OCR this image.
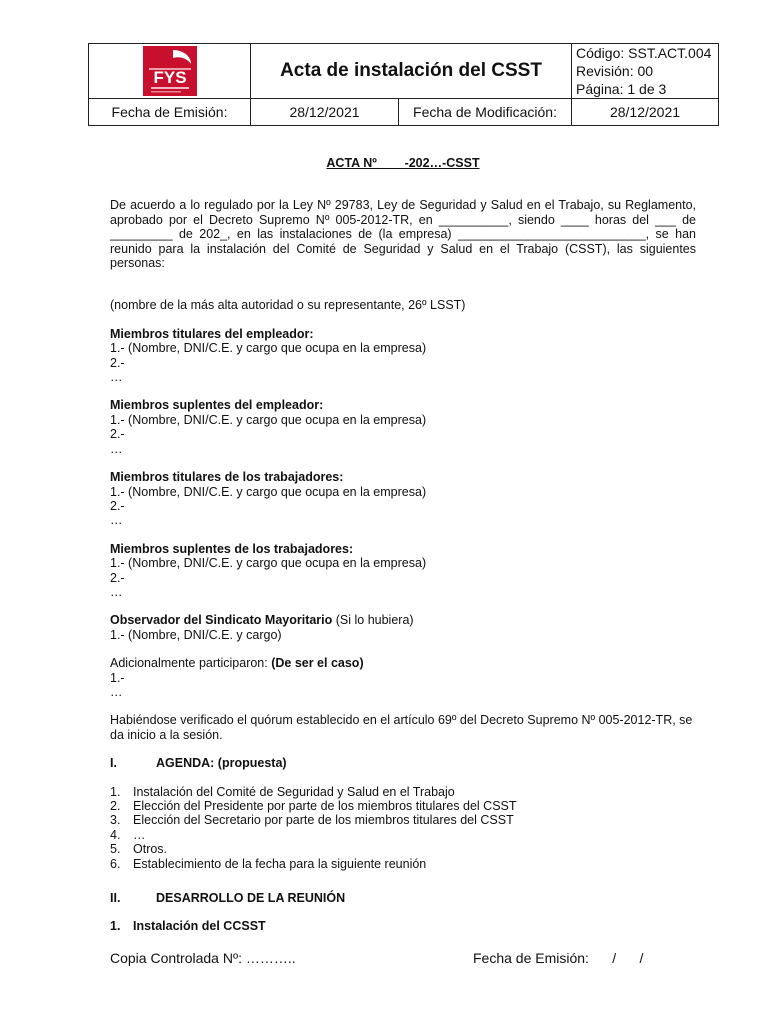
FYS	Acta de instalación del CSST		Código: SST.ACT.004
Revisión: 00
Página: 1 de 3

Fecha de Emisión:	28/12/2021	Fecha de Modificación:	28/12/2021

ACTA Nº        -202…-CSST

De acuerdo a lo regulado por la Ley Nº 29783, Ley de Seguridad y Salud en el Trabajo, su Reglamento, aprobado por el Decreto Supremo Nº 005-2012-TR, en __________, siendo ____ horas del ___ de _________ de 202_, en las instalaciones de (la empresa) ___________________________, se han reunido para la instalación del Comité de Seguridad y Salud en el Trabajo (CSST), las siguientes personas:

(nombre de la más alta autoridad o su representante, 26º LSST)

Miembros titulares del empleador:

1.- (Nombre, DNI/C.E. y cargo que ocupa en la empresa)

2.-

…

Miembros suplentes del empleador:

1.- (Nombre, DNI/C.E. y cargo que ocupa en la empresa)

2.-

…

Miembros titulares de los trabajadores:

1.- (Nombre, DNI/C.E. y cargo que ocupa en la empresa)

2.-

…

Miembros suplentes de los trabajadores:

1.- (Nombre, DNI/C.E. y cargo que ocupa en la empresa)

2.-

…

Observador del Sindicato Mayoritario (Si lo hubiera)

1.- (Nombre, DNI/C.E. y cargo)

Adicionalmente participaron: (De ser el caso)

1.-

…

Habiéndose verificado el quórum establecido en el artículo 69º del Decreto Supremo Nº 005-2012-TR, se da inicio a la sesión.

I.	AGENDA: (propuesta)
1.	Instalación del Comité de Seguridad y Salud en el Trabajo
2.	Elección del Presidente por parte de los miembros titulares del CSST
3.	Elección del Secretario por parte de los miembros titulares del CSST
4.	…
5.	Otros.
6.	Establecimiento de la fecha para la siguiente reunión
II.	DESARROLLO DE LA REUNIÓN
1.	Instalación del CCSST
Copia Controlada Nº: ………..	Fecha de Emisión:      /      /
